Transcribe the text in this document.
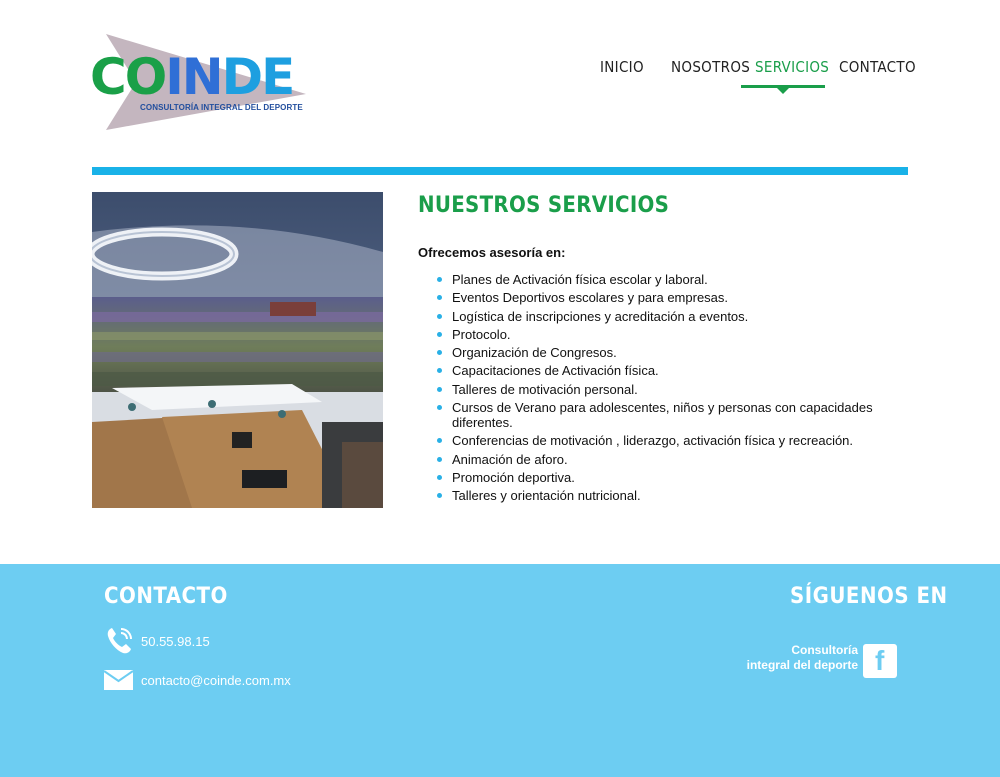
COINDE
CONSULTORÍA INTEGRAL DEL DEPORTE
INICIO NOSOTROS SERVICIOS CONTACTO
NUESTROS SERVICIOS

Ofrecemos asesoría en:

Planes de Activación física escolar y laboral.
Eventos Deportivos escolares y para empresas.
Logística de inscripciones y acreditación a eventos.
Protocolo.
Organización de Congresos.
Capacitaciones de Activación física.
Talleres de motivación personal.
Cursos de Verano para adolescentes, niños y personas con capacidades diferentes.
Conferencias de motivación , liderazgo, activación física y recreación.
Animación de aforo.
Promoción deportiva.
Talleres y orientación nutricional.
CONTACTO
50.55.98.15
contacto@coinde.com.mx
SÍGUENOS EN
Consultoría
integral del deporte f
